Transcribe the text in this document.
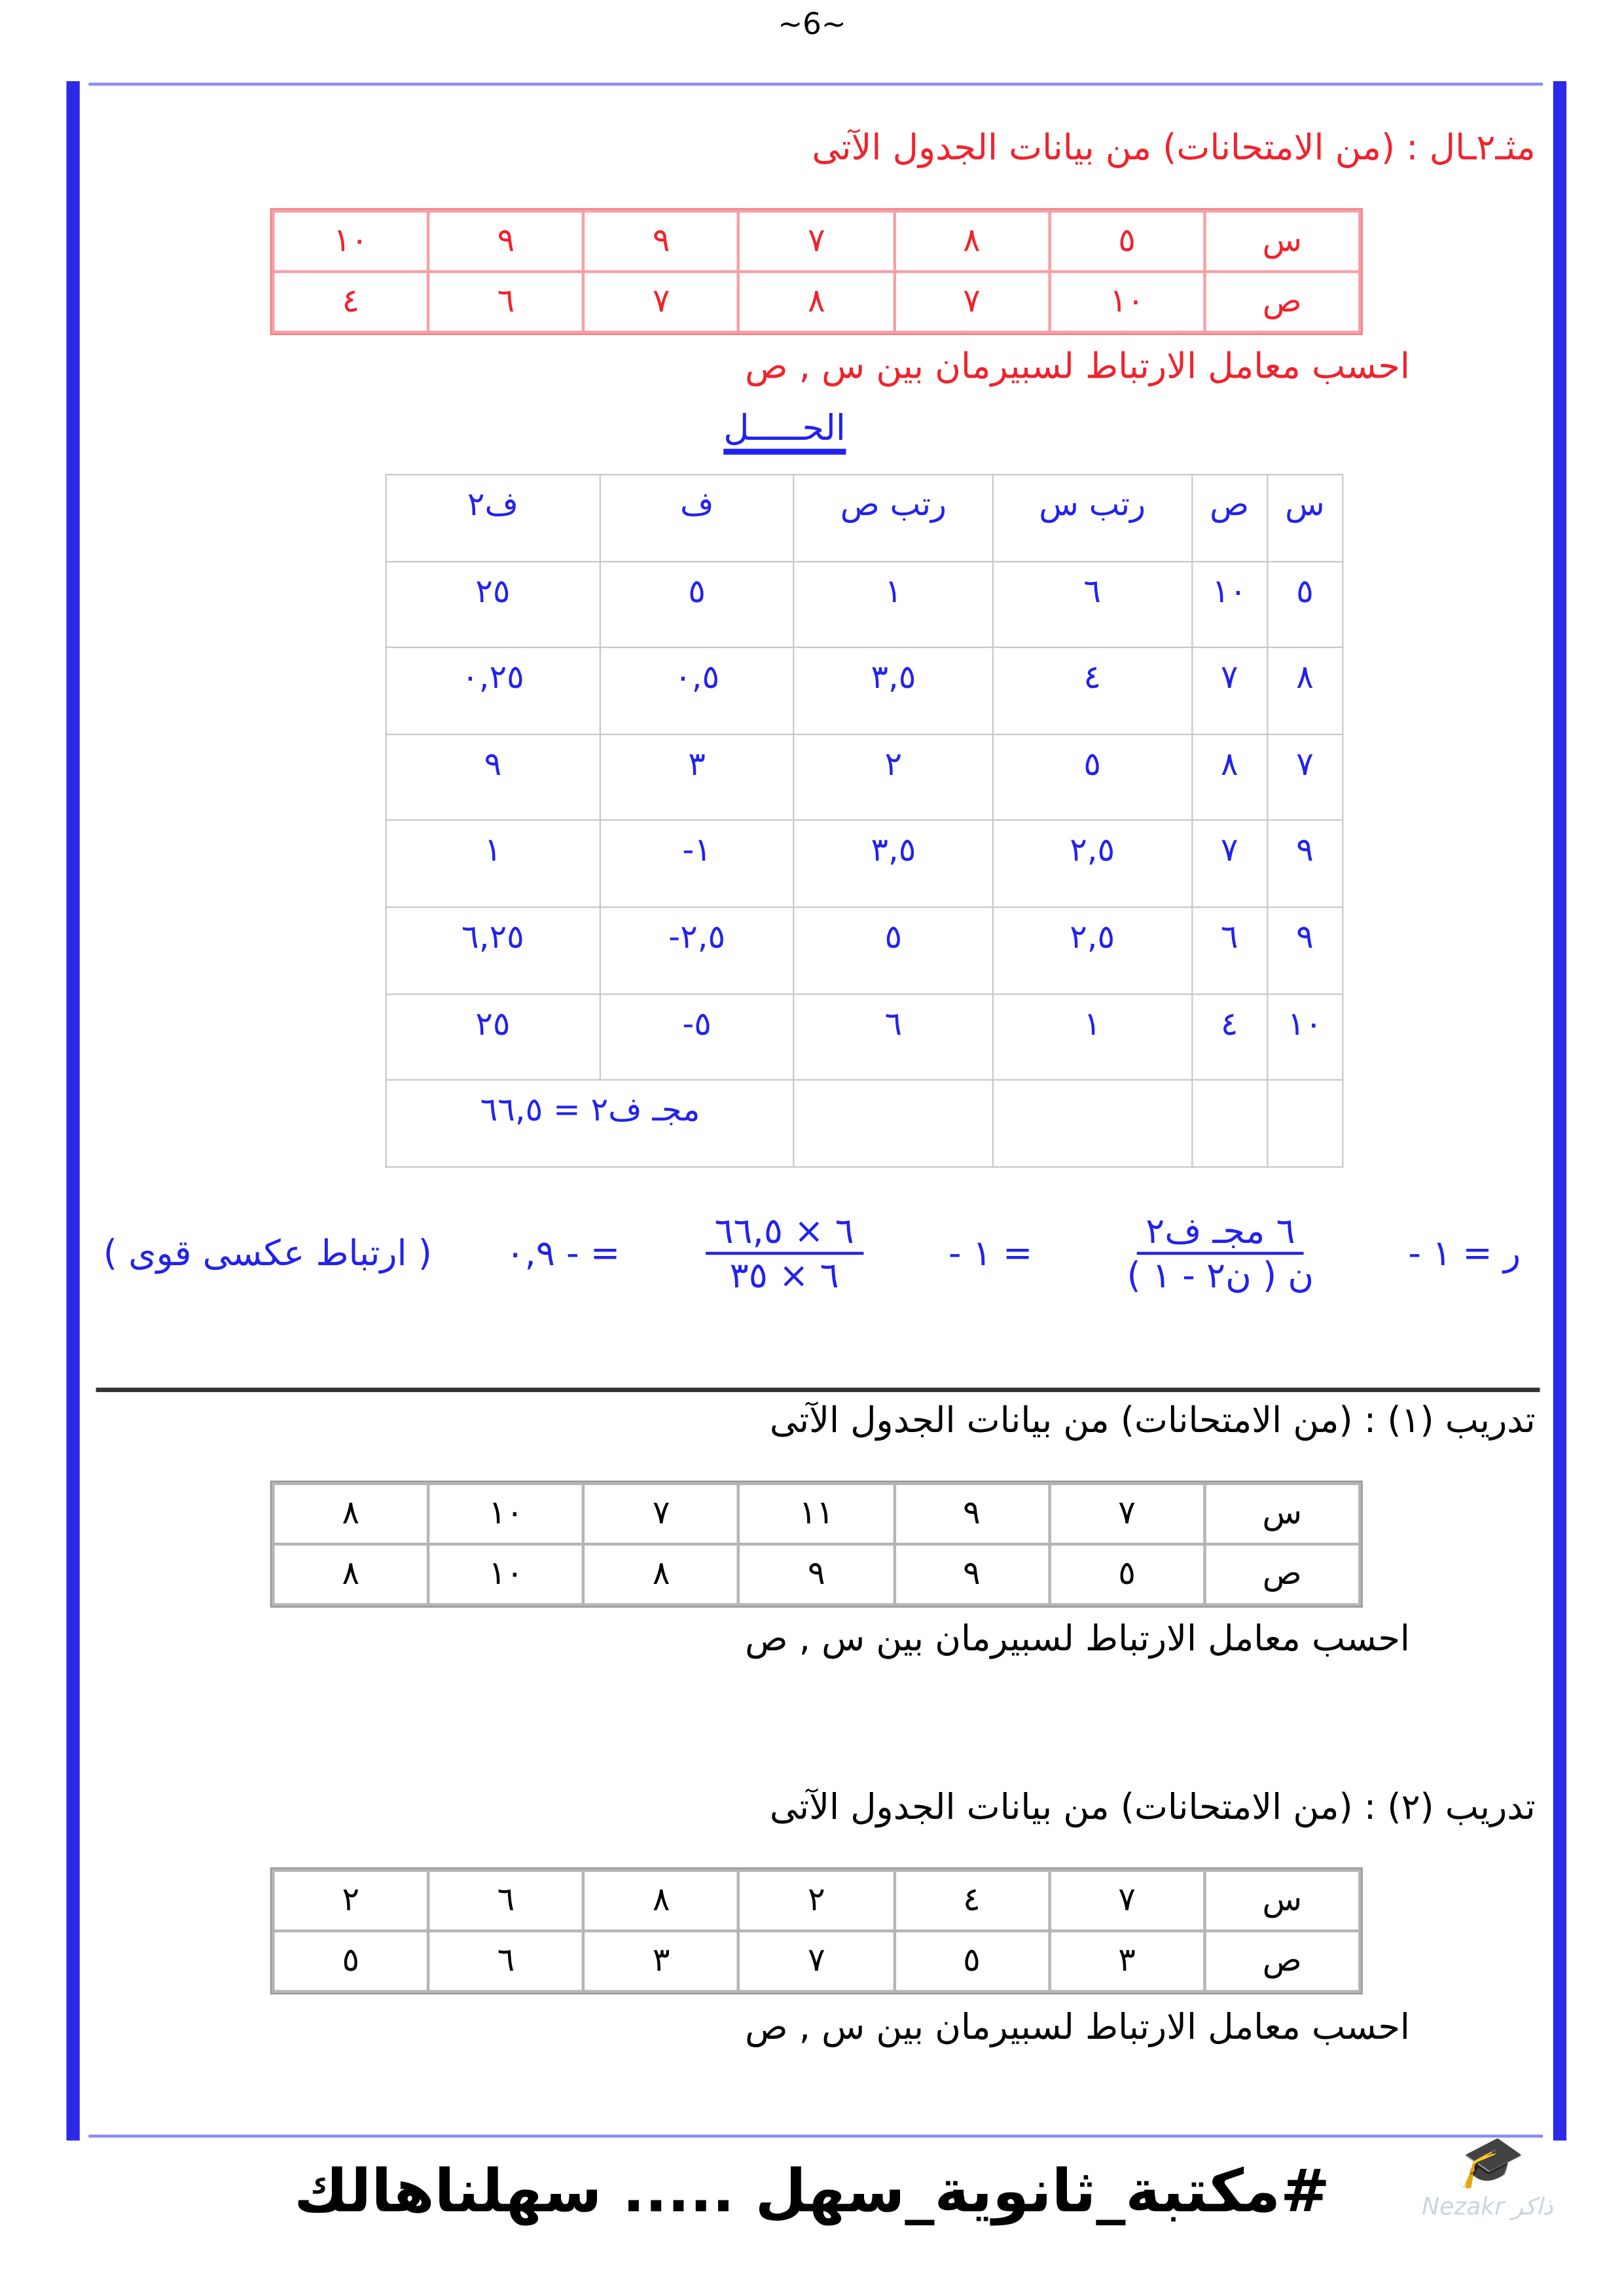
~6~
مثـ٢ـال : (من الامتحانات) من بيانات الجدول الآتى
س	٥	٨	٧	٩	٩	١٠
ص	١٠	٧	٨	٧	٦	٤
احسب معامل الارتباط لسبيرمان بين س , ص
الحـــــل
س	ص	رتب س	رتب ص	ف	ف٢
٥	١٠	٦	١	٥	٢٥
٨	٧	٤	٣,٥	٠,٥	٠,٢٥
٧	٨	٥	٢	٣	٩
٩	٧	٢,٥	٣,٥	١-	١
٩	٦	٢,٥	٥	٢,٥-	٦,٢٥
١٠	٤	١	٦	٥-	٢٥
				مجـ ف٢ = ٦٦,٥	
( ارتباط عكسى قوى )	= - ٠,٩	$\frac{٦ \times ٦٦,٥}{٦ \times ٣٥}$	= ١ -	$\frac{\text{٦ مجـ ف٢}}{\text{ن ( ن٢ - ١ )}}$	ر = ١ -
تدريب (١) : (من الامتحانات) من بيانات الجدول الآتى
س	٧	٩	١١	٧	١٠	٨
ص	٥	٩	٩	٨	١٠	٨
احسب معامل الارتباط لسبيرمان بين س , ص
تدريب (٢) : (من الامتحانات) من بيانات الجدول الآتى
س	٧	٤	٢	٨	٦	٢
ص	٣	٥	٧	٣	٦	٥
احسب معامل الارتباط لسبيرمان بين س , ص
#مكتبة_ثانوية_سهل ..... سهلناهالك	🎓
Nezakr ذاكر
